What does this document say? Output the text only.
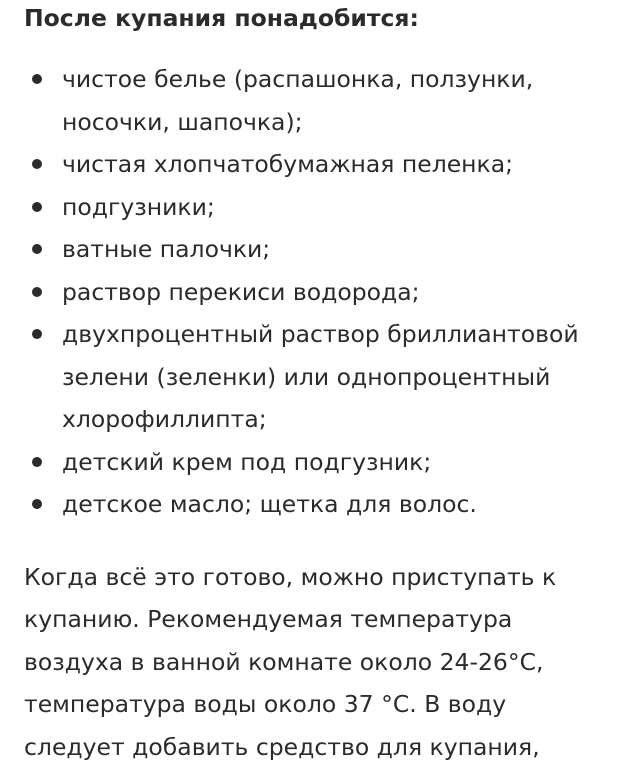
После купания понадобится:
чистое белье (распашонка, ползунки, носочки, шапочка);
чистая хлопчатобумажная пеленка;
подгузники;
ватные палочки;
раствор перекиси водорода;
двухпроцентный раствор бриллиантовой зелени (зеленки) или однопроцентный хлорофиллипта;
детский крем под подгузник;
детское масло; щетка для волос.

Когда всё это готово, можно приступать к купанию. Рекомендуемая температура воздуха в ванной комнате около 24-26°C, температура воды около 37 °C. В воду следует добавить средство для купания,
